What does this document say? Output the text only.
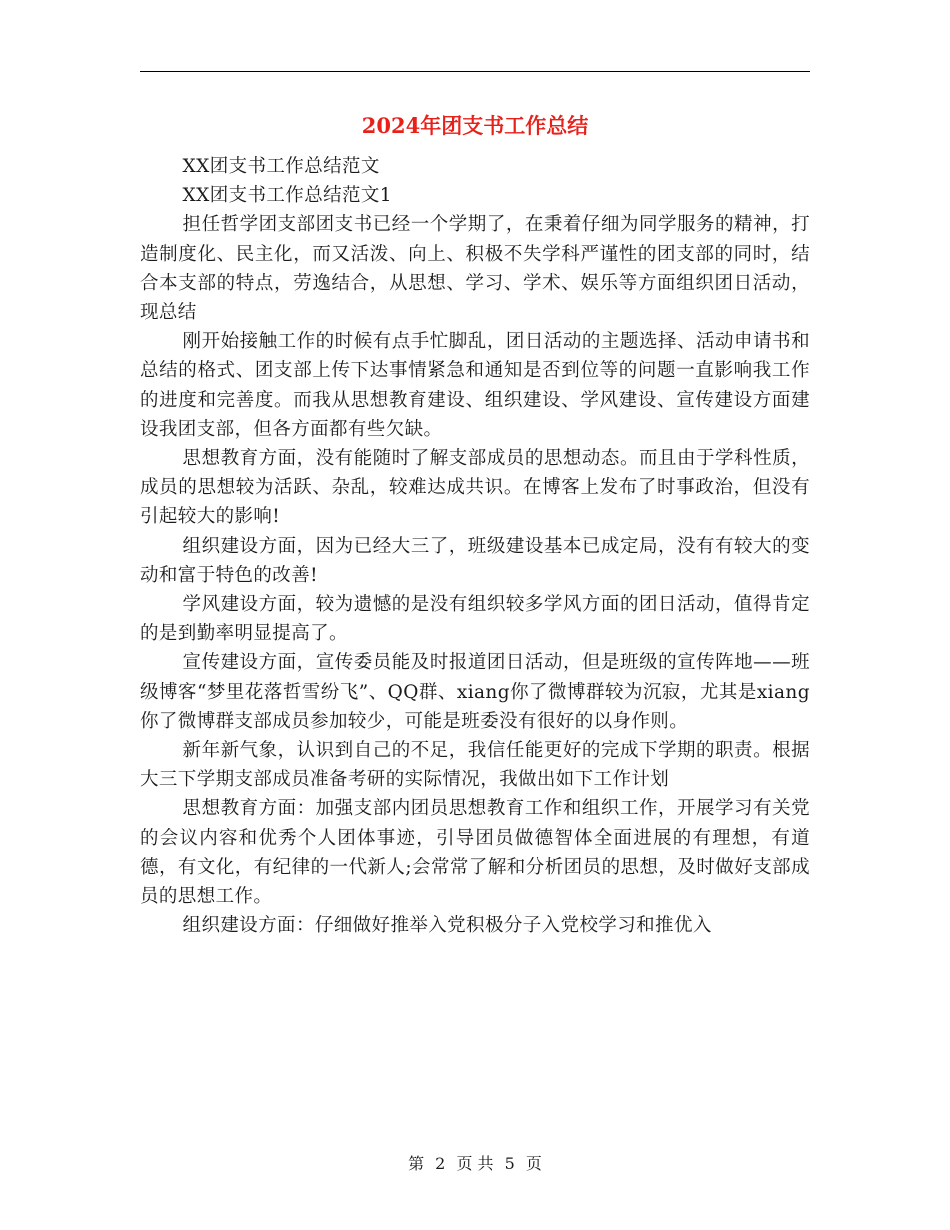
2024年团支书工作总结

XX团支书工作总结范文

XX团支书工作总结范文1

担任哲学团支部团支书已经一个学期了，在秉着仔细为同学服务的精神，打造制度化、民主化，而又活泼、向上、积极不失学科严谨性的团支部的同时，结合本支部的特点，劳逸结合，从思想、学习、学术、娱乐等方面组织团日活动，现总结

刚开始接触工作的时候有点手忙脚乱，团日活动的主题选择、活动申请书和总结的格式、团支部上传下达事情紧急和通知是否到位等的问题一直影响我工作的进度和完善度。而我从思想教育建设、组织建设、学风建设、宣传建设方面建设我团支部，但各方面都有些欠缺。

思想教育方面，没有能随时了解支部成员的思想动态。而且由于学科性质，成员的思想较为活跃、杂乱，较难达成共识。在博客上发布了时事政治，但没有引起较大的影响!

组织建设方面，因为已经大三了，班级建设基本已成定局，没有有较大的变动和富于特色的改善!

学风建设方面，较为遗憾的是没有组织较多学风方面的团日活动，值得肯定的是到勤率明显提高了。

宣传建设方面，宣传委员能及时报道团日活动，但是班级的宣传阵地——班级博客“梦里花落哲雪纷飞”、QQ群、xiang你了微博群较为沉寂，尤其是xiang你了微博群支部成员参加较少，可能是班委没有很好的以身作则。

新年新气象，认识到自己的不足，我信任能更好的完成下学期的职责。根据大三下学期支部成员准备考研的实际情况，我做出如下工作计划

思想教育方面：加强支部内团员思想教育工作和组织工作，开展学习有关党的会议内容和优秀个人团体事迹，引导团员做德智体全面进展的有理想，有道德，有文化，有纪律的一代新人;会常常了解和分析团员的思想，及时做好支部成员的思想工作。

组织建设方面：仔细做好推举入党积极分子入党校学习和推优入

第 2 页 共 5 页
